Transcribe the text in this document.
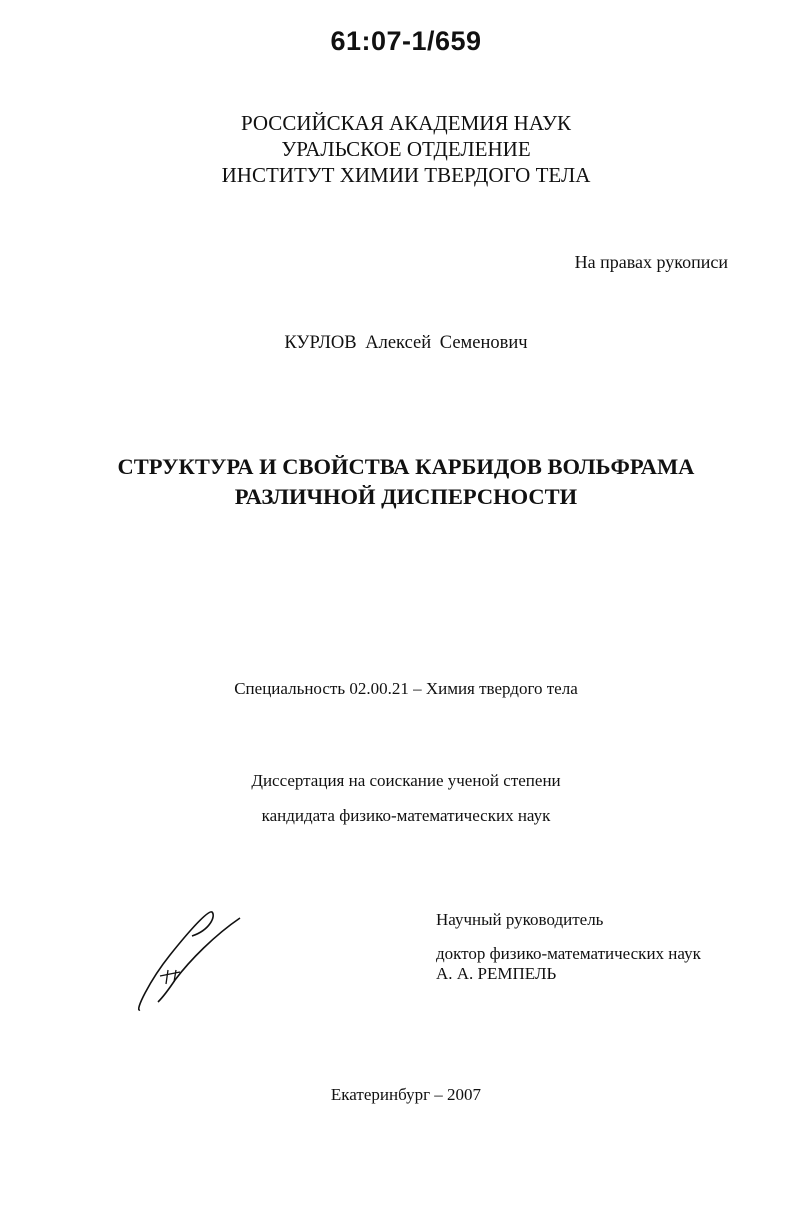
61:07-1/659
РОССИЙСКАЯ АКАДЕМИЯ НАУК
УРАЛЬСКОЕ ОТДЕЛЕНИЕ
ИНСТИТУТ ХИМИИ ТВЕРДОГО ТЕЛА
На правах рукописи
КУРЛОВ Алексей Семенович
СТРУКТУРА И СВОЙСТВА КАРБИДОВ ВОЛЬФРАМА
РАЗЛИЧНОЙ ДИСПЕРСНОСТИ
Специальность 02.00.21 – Химия твердого тела
Диссертация на соискание ученой степени
кандидата физико-математических наук
Научный руководитель
доктор физико-математических наук
А. А. РЕМПЕЛЬ
Екатеринбург – 2007
